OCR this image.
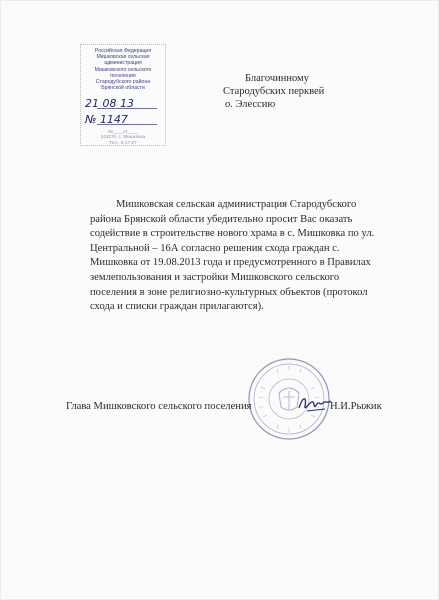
Российская Федерация
Мишковская сельская
администрация
Мишковского сельского
поселения
Стародубского района
Брянской области
21 08 13
№ 1147
№____от____
243270, с. Мишковка
Тел.: 9-17-27
Благочинному
Стародубских перквей
о. Элессию

Мишковская сельская администрация Стародубского района Брянской области убедительно просит Вас оказать содействие в строительстве нового храма в с. Мишковка по ул. Центральной – 16А согласно решения схода граждан с. Мишковка от 19.08.2013 года и предусмотренного в Правилах землепользования и застройки Мишковского сельского поселения в зоне религиозно-культурных объектов (протокол схода и списки граждан прилагаются).

Глава Мишковского сельского поселения	Н.И.Рыжик
